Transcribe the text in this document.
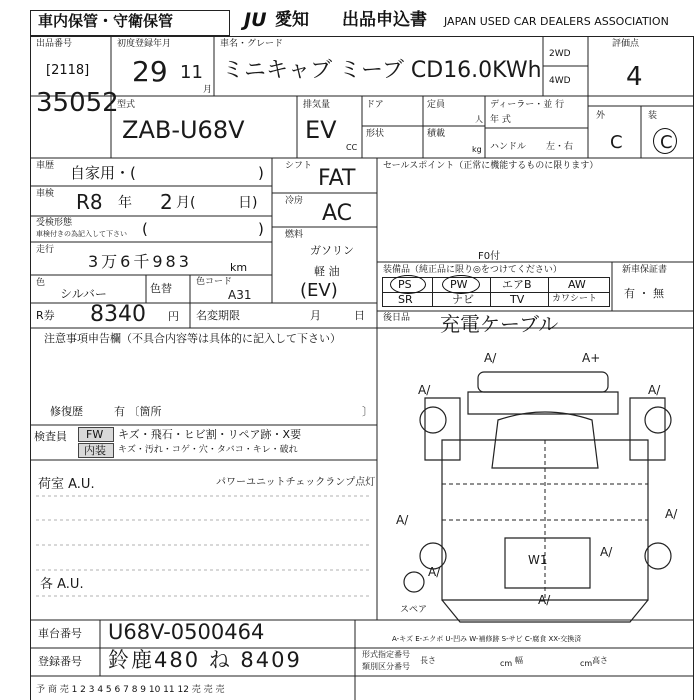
車内保管・守衛保管	JU 愛知 出品申込書 JAPAN USED CAR DEALERS ASSOCIATION
出品番号
[2118]
35052
初度登録年月
29 11
月
車名・グレード
ミニキャブ ミーブ CD16.0KWh
2WD
4WD
評価点
4
外
C
装
C
型式
ZAB-U68V
排気量
EV
CC
ドア	定員
人
形状	積載
kg
ディーラー・並 行
年 式
ハンドル 左・右
車歴 自家用・(	)
車検 R8 年 2 月(	日)
受検形態
車検付きの為記入して下さい (	)
走行
3万6千983	km
色
シルバー	色替	色コード
A31
R券 8340 円 名変期限	月	日
シフト FAT
冷房 AC
燃料
ガソリン
軽 油
(EV)
セールスポイント（正常に機能するものに限ります）
装備品（純正品に限り◎をつけてください）
F0付
PS	PW	エアB	AW
SR	ナビ	TV	カワシート
新車保証書
有 ・ 無
後日品 充電ケーブル
注意事項申告欄（不具合内容等は具体的に記入して下さい）
修復歴	有 〔箇所	〕
検査員 FW キズ・飛石・ヒビ割・リペア跡・X要
内装 キズ・汚れ・コゲ・穴・タバコ・キレ・破れ
荷室 A.U.	パワーユニットチェックランプ点灯
各 A.U.
A/	A+
A/	A/
A/	A/
A/
A/
W1
A/
スペア
A-キズ E-エクボ U-凹み W-補修跡 S-サビ C-腐食 XX-交換済
車台番号 U68V-0500464
登録番号 鈴鹿480 ね 8409	形式指定番号
類別区分番号
長さ	cm 幅	cm 高さ
予 商 売 1 2 3 4 5 6 7 8 9 10 11 12 売 売 売
